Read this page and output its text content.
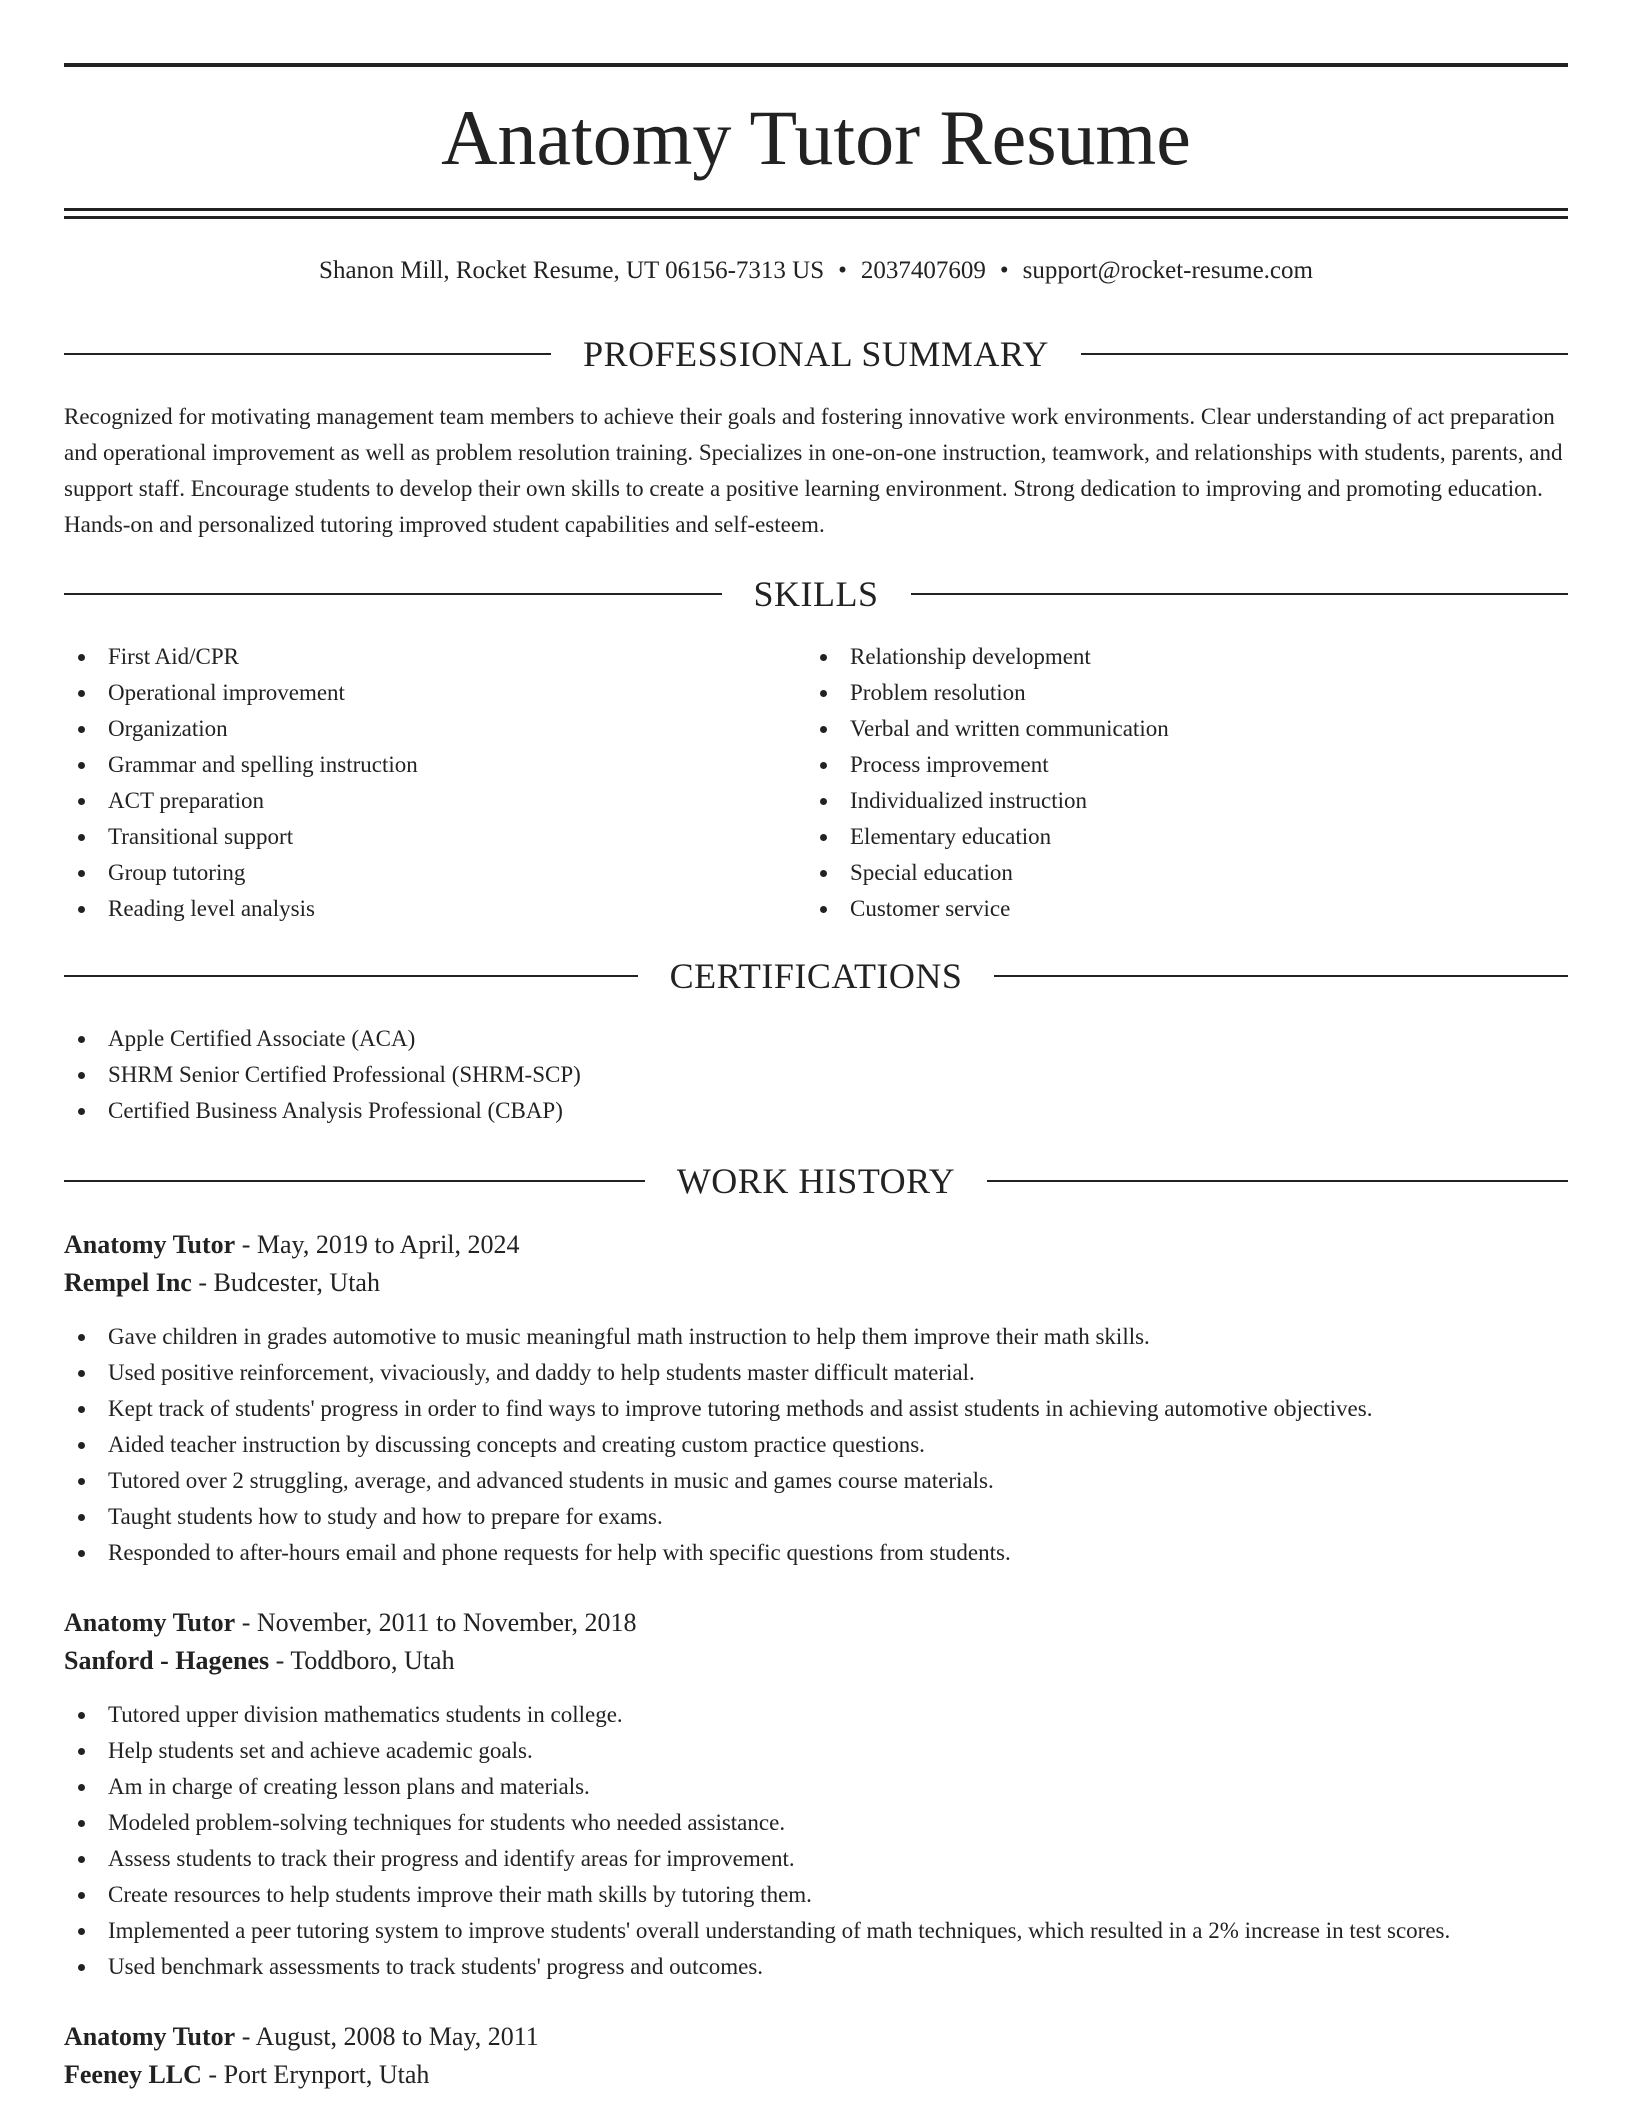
Anatomy Tutor Resume
Shanon Mill, Rocket Resume, UT 06156-7313 US • 2037407609 • support@rocket-resume.com
PROFESSIONAL SUMMARY

Recognized for motivating management team members to achieve their goals and fostering innovative work environments. Clear understanding of act preparation and operational improvement as well as problem resolution training. Specializes in one-on-one instruction, teamwork, and relationships with students, parents, and support staff. Encourage students to develop their own skills to create a positive learning environment. Strong dedication to improving and promoting education. Hands-on and personalized tutoring improved student capabilities and self-esteem.

SKILLS
First Aid/CPR
Operational improvement
Organization
Grammar and spelling instruction
ACT preparation
Transitional support
Group tutoring
Reading level analysis
Relationship development
Problem resolution
Verbal and written communication
Process improvement
Individualized instruction
Elementary education
Special education
Customer service
CERTIFICATIONS
Apple Certified Associate (ACA)
SHRM Senior Certified Professional (SHRM-SCP)
Certified Business Analysis Professional (CBAP)
WORK HISTORY
Anatomy Tutor - May, 2019 to April, 2024
Rempel Inc - Budcester, Utah
Gave children in grades automotive to music meaningful math instruction to help them improve their math skills.
Used positive reinforcement, vivaciously, and daddy to help students master difficult material.
Kept track of students' progress in order to find ways to improve tutoring methods and assist students in achieving automotive objectives.
Aided teacher instruction by discussing concepts and creating custom practice questions.
Tutored over 2 struggling, average, and advanced students in music and games course materials.
Taught students how to study and how to prepare for exams.
Responded to after-hours email and phone requests for help with specific questions from students.
Anatomy Tutor - November, 2011 to November, 2018
Sanford - Hagenes - Toddboro, Utah
Tutored upper division mathematics students in college.
Help students set and achieve academic goals.
Am in charge of creating lesson plans and materials.
Modeled problem-solving techniques for students who needed assistance.
Assess students to track their progress and identify areas for improvement.
Create resources to help students improve their math skills by tutoring them.
Implemented a peer tutoring system to improve students' overall understanding of math techniques, which resulted in a 2% increase in test scores.
Used benchmark assessments to track students' progress and outcomes.
Anatomy Tutor - August, 2008 to May, 2011
Feeney LLC - Port Erynport, Utah
